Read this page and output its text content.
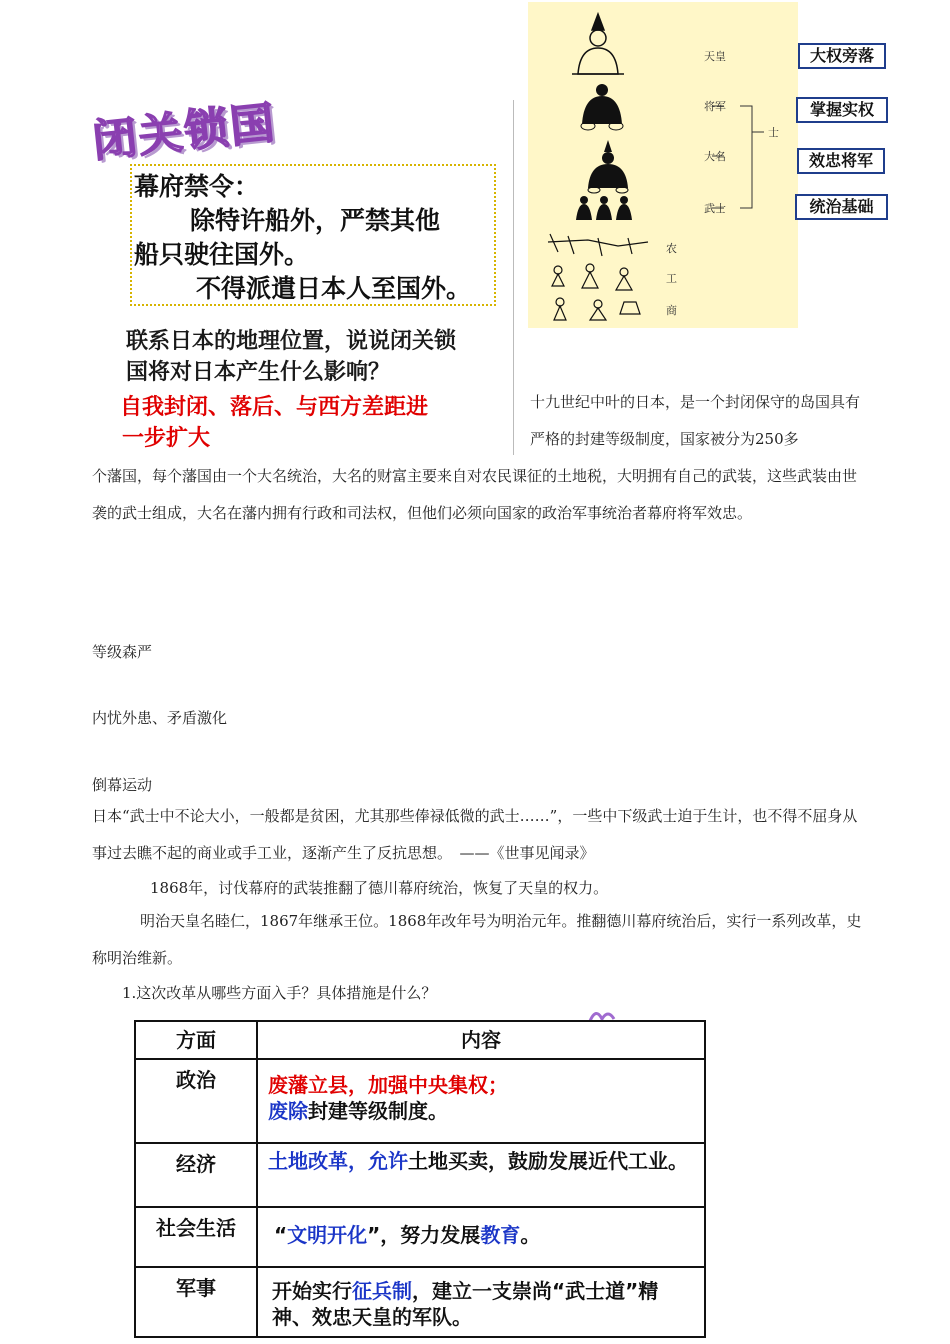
闭关锁国
幕府禁令：
除特许船外，严禁其他
船只驶往国外。
不得派遣日本人至国外。
联系日本的地理位置，说说闭关锁
国将对日本产生什么影响？
自我封闭、落后、与西方差距进
一步扩大
天皇
将军
大名
武士
士
农
工
商
大权旁落
掌握实权
效忠将军
统治基础
十九世纪中叶的日本，是一个封闭保守的岛国具有严格的封建等级制度，国家被分为250多
个藩国，每个藩国由一个大名统治，大名的财富主要来自对农民课征的土地税，大明拥有自己的武装，这些武装由世袭的武士组成，大名在藩内拥有行政和司法权，但他们必须向国家的政治军事统治者幕府将军效忠。
等级森严
内忧外患、矛盾激化
倒幕运动
日本“武士中不论大小，一般都是贫困，尤其那些俸禄低微的武士……”，一些中下级武士迫于生计，也不得不屈身从事过去瞧不起的商业或手工业，逐渐产生了反抗思想。　——《世事见闻录》
1868年，讨伐幕府的武装推翻了德川幕府统治，恢复了天皇的权力。
明治天皇名睦仁，1867年继承王位。1868年改年号为明治元年。推翻德川幕府统治后，实行一系列改革，史称明治维新。
1.这次改革从哪些方面入手？具体措施是什么？
方面	内容
政治	废藩立县，加强中央集权；
废除封建等级制度。
经济	土地改革，允许土地买卖，鼓励发展近代工业。
社会生活	“文明开化”，努力发展教育。
军事	开始实行征兵制，建立一支崇尚“武士道”精神、效忠天皇的军队。
